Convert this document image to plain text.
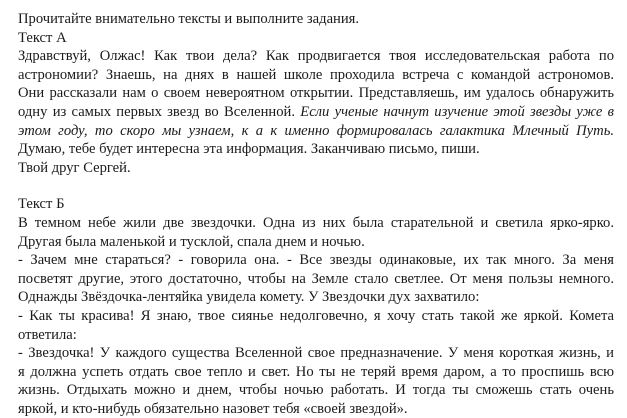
Прочитайте внимательно тексты и выполните задания.
Текст А
Здравствуй, Олжас! Как твои дела? Как продвигается твоя исследовательская работа по
астрономии? Знаешь, на днях в нашей школе проходила встреча с командой астрономов.
Они рассказали нам о своем невероятном открытии. Представляешь, им удалось обнаружить
одну из самых первых звезд во Вселенной. Если ученые начнут изучение этой звезды уже в
этом году, то скоро мы узнаем, к а к именно формировалась галактика Млечный Путь.
Думаю, тебе будет интересна эта информация. Заканчиваю письмо, пиши.
Твой друг Сергей.
Текст Б
В темном небе жили две звездочки. Одна из них была старательной и светила ярко-ярко.
Другая была маленькой и тусклой, спала днем и ночью.
- Зачем мне стараться? - говорила она. - Все звезды одинаковые, их так много. За меня
посветят другие, этого достаточно, чтобы на Земле стало светлее. От меня пользы немного.
Однажды Звёздочка-лентяйка увидела комету. У Звездочки дух захватило:
- Как ты красива! Я знаю, твое сиянье недолговечно, я хочу стать такой же яркой. Комета
ответила:
- Звездочка! У каждого существа Вселенной свое предназначение. У меня короткая жизнь, и
я должна успеть отдать свое тепло и свет. Но ты не теряй время даром, а то проспишь всю
жизнь. Отдыхать можно и днем, чтобы ночью работать. И тогда ты сможешь стать очень
яркой, и кто-нибудь обязательно назовет тебя «своей звездой».
